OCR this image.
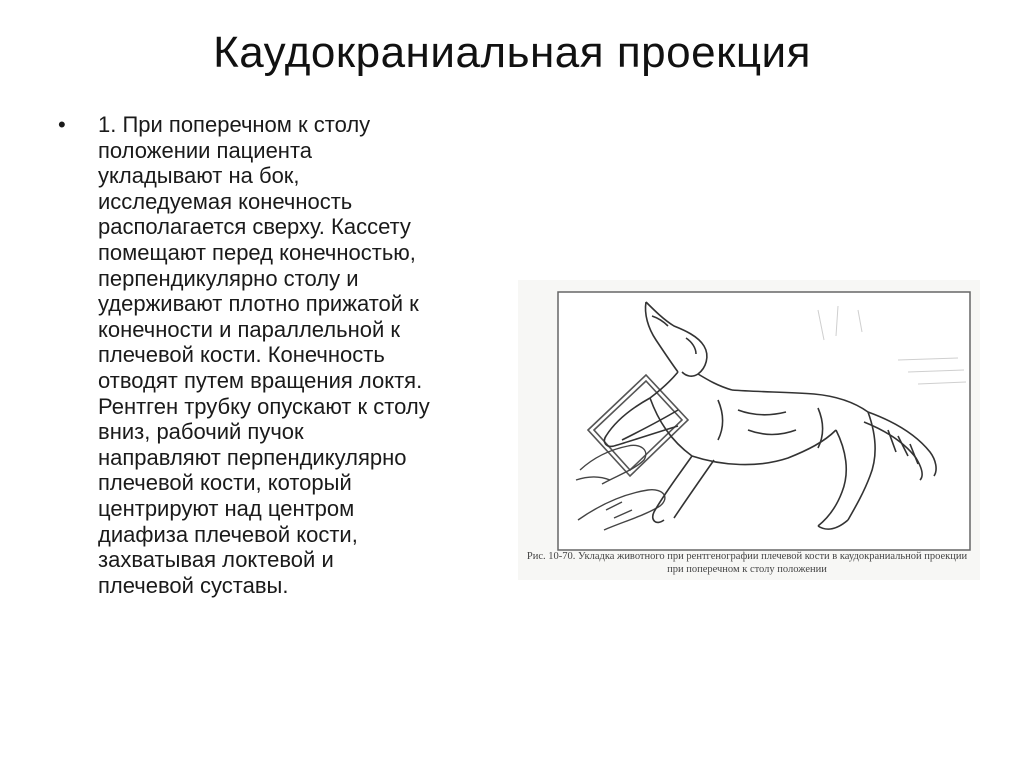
Каудокраниальная проекция
•	1. При поперечном к столу
положении пациента
укладывают на бок,
исследуемая конечность
располагается сверху. Кассету
помещают перед конечностью,
перпендикулярно столу и
удерживают плотно прижатой к
конечности и параллельной к
плечевой кости. Конечность
отводят путем вращения локтя.
Рентген трубку опускают к столу
вниз, рабочий пучок
направляют перпендикулярно
плечевой кости, который
центрируют над центром
диафиза плечевой кости,
захватывая локтевой и
плечевой суставы.
Рис. 10-70. Укладка животного при рентгенографии плечевой кости в каудокраниальной проекции
при поперечном к столу положении
